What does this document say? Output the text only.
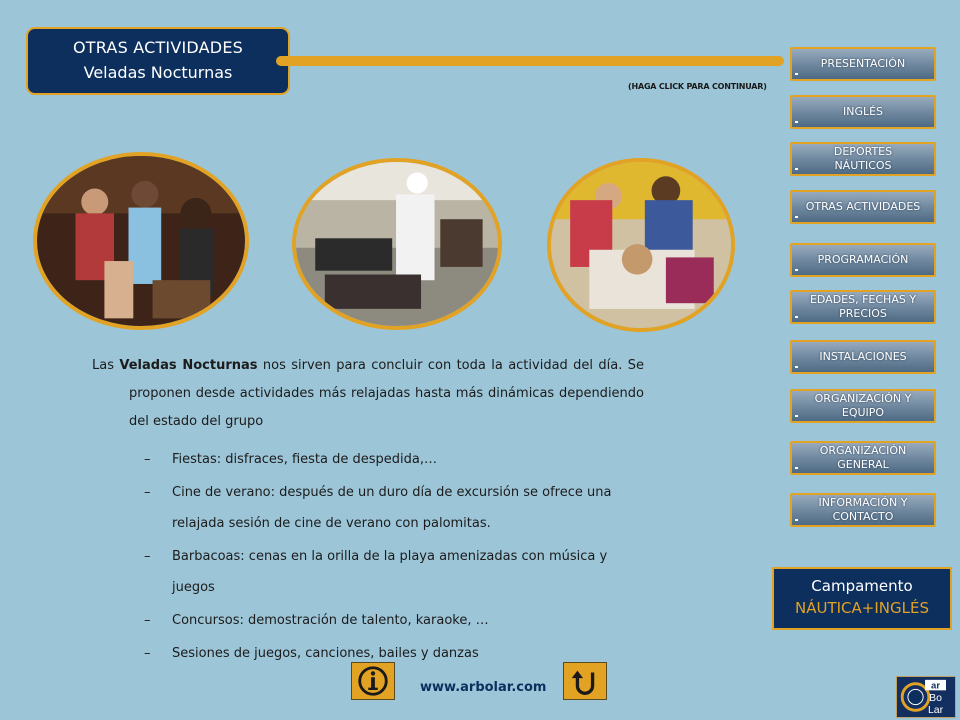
OTRAS ACTIVIDADES
Veladas Nocturnas
(HAGA CLICK PARA CONTINUAR)
PRESENTACIÓN
INGLÉS
DEPORTES NÁUTICOS
OTRAS ACTIVIDADES
PROGRAMACIÓN
EDADES, FECHAS Y PRECIOS
INSTALACIONES
ORGANIZACIÓN Y EQUIPO
ORGANIZACIÓN GENERAL
INFORMACIÓN Y CONTACTO
Campamento
NÁUTICA+INGLÉS

Las Veladas Nocturnas nos sirven para concluir con toda la actividad del día. Se proponen desde actividades más relajadas hasta más dinámicas dependiendo del estado del grupo

– Fiestas: disfraces, fiesta de despedida,…
– Cine de verano: después de un duro día de excursión se ofrece una relajada sesión de cine de verano con palomitas.
– Barbacoas: cenas en la orilla de la playa amenizadas con música y juegos
– Concursos: demostración de talento, karaoke, …
– Sesiones de juegos, canciones, bailes y danzas
www.arbolar.com	ar
Bo
Lar
